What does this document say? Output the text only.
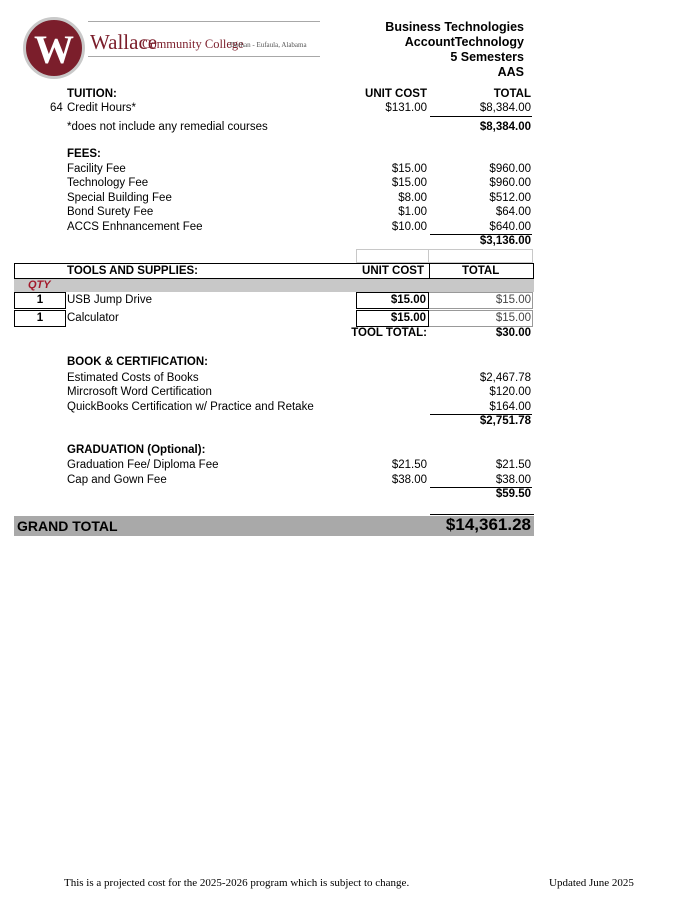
W Wallace
Community College
Dothan - Eufaula, Alabama
Business Technologies
AccountTechnology
5 Semesters
AAS
TUITION:	UNIT COST	TOTAL
64 Credit Hours*	$131.00	$8,384.00
*does not include any remedial courses	$8,384.00
FEES:
Facility Fee	$15.00	$960.00
Technology Fee	$15.00	$960.00
Special Building Fee	$8.00	$512.00
Bond Surety Fee	$1.00	$64.00
ACCS Enhnancement Fee	$10.00	$640.00
$3,136.00
TOOLS AND SUPPLIES:	UNIT COST	TOTAL
QTY
1	USB Jump Drive	$15.00	$15.00
1	Calculator	$15.00	$15.00
TOOL TOTAL:	$30.00
BOOK & CERTIFICATION:
Estimated Costs of Books	$2,467.78
Mircrosoft Word Certification	$120.00
QuickBooks Certification w/ Practice and Retake	$164.00
$2,751.78
GRADUATION (Optional):
Graduation Fee/ Diploma Fee	$21.50	$21.50
Cap and Gown Fee	$38.00	$38.00
$59.50
GRAND TOTAL	$14,361.28
This is a projected cost for the 2025-2026 program which is subject to change.	Updated June 2025
